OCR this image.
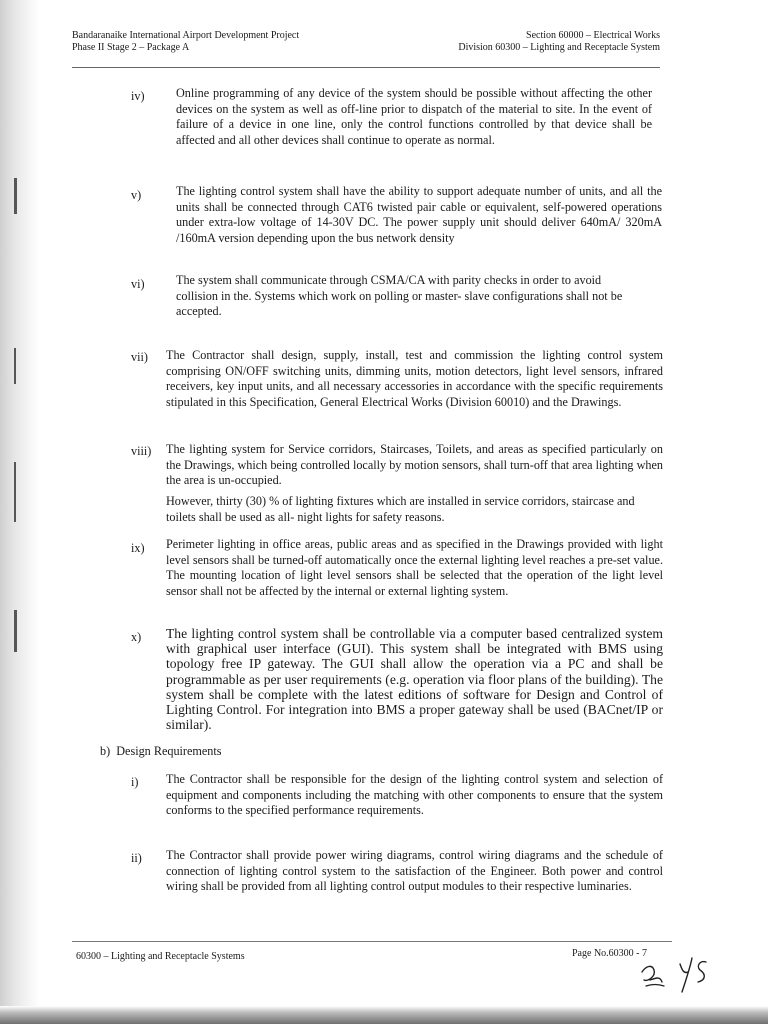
Bandaranaike International Airport Development Project
Phase II Stage 2 – Package A
Section 60000 – Electrical Works
Division 60300 – Lighting and Receptacle System
iv)	Online programming of any device of the system should be possible without affecting the other devices on the system as well as off-line prior to dispatch of the material to site. In the event of failure of a device in one line, only the control functions controlled by that device shall be affected and all other devices shall continue to operate as normal.
v)	The lighting control system shall have the ability to support adequate number of units, and all the units shall be connected through CAT6 twisted pair cable or equivalent, self-powered operations under extra-low voltage of 14-30V DC. The power supply unit should deliver 640mA/ 320mA /160mA version depending upon the bus network density
vi)	The system shall communicate through CSMA/CA with parity checks in order to avoid collision in the. Systems which work on polling or master- slave configurations shall not be accepted.
vii) The Contractor shall design, supply, install, test and commission the lighting control system comprising ON/OFF switching units, dimming units, motion detectors, light level sensors, infrared receivers, key input units, and all necessary accessories in accordance with the specific requirements stipulated in this Specification, General Electrical Works (Division 60010) and the Drawings.
viii) The lighting system for Service corridors, Staircases, Toilets, and areas as specified particularly on the Drawings, which being controlled locally by motion sensors, shall turn-off that area lighting when the area is un-occupied.
However, thirty (30) % of lighting fixtures which are installed in service corridors, staircase and toilets shall be used as all- night lights for safety reasons.
ix) Perimeter lighting in office areas, public areas and as specified in the Drawings provided with light level sensors shall be turned-off automatically once the external lighting level reaches a pre-set value. The mounting location of light level sensors shall be selected that the operation of the light level sensor shall not be affected by the internal or external lighting system.
x) The lighting control system shall be controllable via a computer based centralized system with graphical user interface (GUI). This system shall be integrated with BMS using topology free IP gateway. The GUI shall allow the operation via a PC and shall be programmable as per user requirements (e.g. operation via floor plans of the building). The system shall be complete with the latest editions of software for Design and Control of Lighting Control. For integration into BMS a proper gateway shall be used (BACnet/IP or similar).
b)  Design Requirements
i) The Contractor shall be responsible for the design of the lighting control system and selection of equipment and components including the matching with other components to ensure that the system conforms to the specified performance requirements.
ii) The Contractor shall provide power wiring diagrams, control wiring diagrams and the schedule of connection of lighting control system to the satisfaction of the Engineer. Both power and control wiring shall be provided from all lighting control output modules to their respective luminaries.
60300 – Lighting and Receptacle Systems	Page No.60300 - 7
